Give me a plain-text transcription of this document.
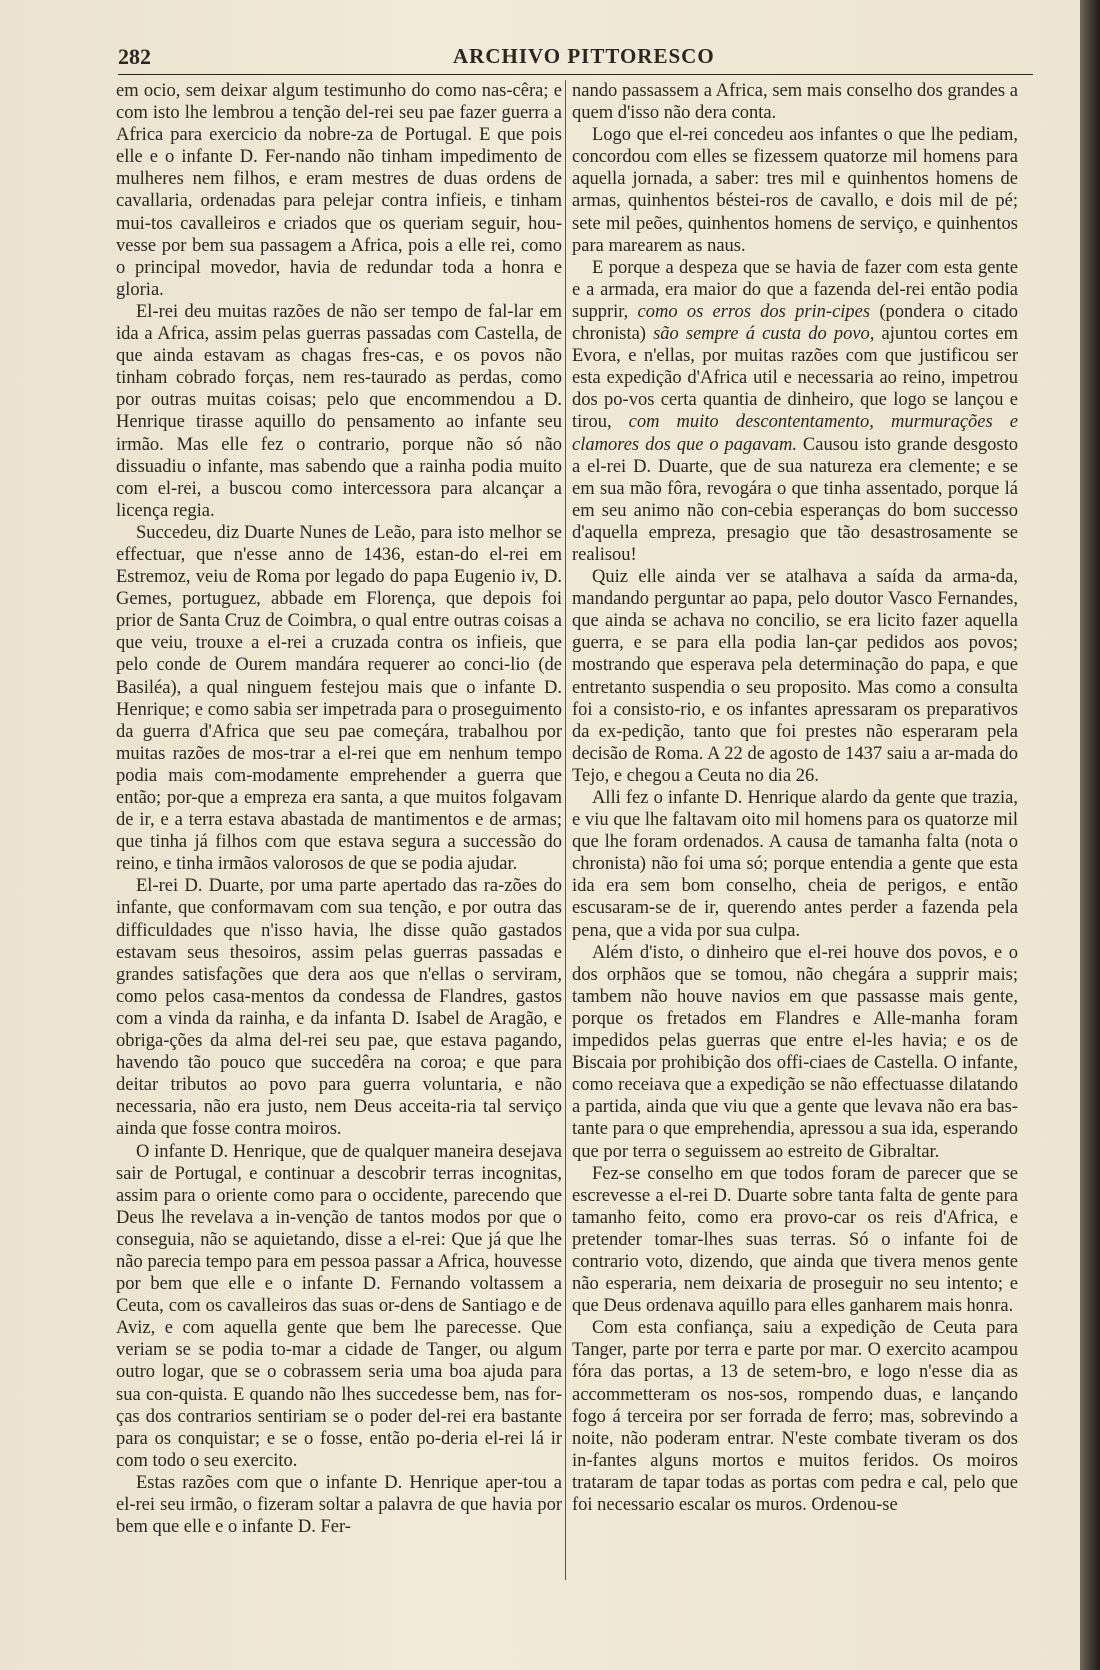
282	ARCHIVO PITTORESCO

em ocio, sem deixar algum testimunho do como nas-cêra; e com isto lhe lembrou a tenção del-rei seu pae fazer guerra a Africa para exercicio da nobre-za de Portugal. E que pois elle e o infante D. Fer-nando não tinham impedimento de mulheres nem filhos, e eram mestres de duas ordens de cavallaria, ordenadas para pelejar contra infieis, e tinham mui-tos cavalleiros e criados que os queriam seguir, hou-vesse por bem sua passagem a Africa, pois a elle rei, como o principal movedor, havia de redundar toda a honra e gloria.

El-rei deu muitas razões de não ser tempo de fal-lar em ida a Africa, assim pelas guerras passadas com Castella, de que ainda estavam as chagas fres-cas, e os povos não tinham cobrado forças, nem res-taurado as perdas, como por outras muitas coisas; pelo que encommendou a D. Henrique tirasse aquillo do pensamento ao infante seu irmão. Mas elle fez o contrario, porque não só não dissuadiu o infante, mas sabendo que a rainha podia muito com el-rei, a buscou como intercessora para alcançar a licença regia.

Succedeu, diz Duarte Nunes de Leão, para isto melhor se effectuar, que n'esse anno de 1436, estan-do el-rei em Estremoz, veiu de Roma por legado do papa Eugenio iv, D. Gemes, portuguez, abbade em Florença, que depois foi prior de Santa Cruz de Coimbra, o qual entre outras coisas a que veiu, trouxe a el-rei a cruzada contra os infieis, que pelo conde de Ourem mandára requerer ao conci-lio (de Basiléa), a qual ninguem festejou mais que o infante D. Henrique; e como sabia ser impetrada para o proseguimento da guerra d'Africa que seu pae começára, trabalhou por muitas razões de mos-trar a el-rei que em nenhum tempo podia mais com-modamente emprehender a guerra que então; por-que a empreza era santa, a que muitos folgavam de ir, e a terra estava abastada de mantimentos e de armas; que tinha já filhos com que estava segura a successão do reino, e tinha irmãos valorosos de que se podia ajudar.

El-rei D. Duarte, por uma parte apertado das ra-zões do infante, que conformavam com sua tenção, e por outra das difficuldades que n'isso havia, lhe disse quão gastados estavam seus thesoiros, assim pelas guerras passadas e grandes satisfações que dera aos que n'ellas o serviram, como pelos casa-mentos da condessa de Flandres, gastos com a vinda da rainha, e da infanta D. Isabel de Aragão, e obriga-ções da alma del-rei seu pae, que estava pagando, havendo tão pouco que succedêra na coroa; e que para deitar tributos ao povo para guerra voluntaria, e não necessaria, não era justo, nem Deus acceita-ria tal serviço ainda que fosse contra moiros.

O infante D. Henrique, que de qualquer maneira desejava sair de Portugal, e continuar a descobrir terras incognitas, assim para o oriente como para o occidente, parecendo que Deus lhe revelava a in-venção de tantos modos por que o conseguia, não se aquietando, disse a el-rei: Que já que lhe não parecia tempo para em pessoa passar a Africa, houvesse por bem que elle e o infante D. Fernando voltassem a Ceuta, com os cavalleiros das suas or-dens de Santiago e de Aviz, e com aquella gente que bem lhe parecesse. Que veriam se se podia to-mar a cidade de Tanger, ou algum outro logar, que se o cobrassem seria uma boa ajuda para sua con-quista. E quando não lhes succedesse bem, nas for-ças dos contrarios sentiriam se o poder del-rei era bastante para os conquistar; e se o fosse, então po-deria el-rei lá ir com todo o seu exercito.

Estas razões com que o infante D. Henrique aper-tou a el-rei seu irmão, o fizeram soltar a palavra de que havia por bem que elle e o infante D. Fer-

nando passassem a Africa, sem mais conselho dos grandes a quem d'isso não dera conta.

Logo que el-rei concedeu aos infantes o que lhe pediam, concordou com elles se fizessem quatorze mil homens para aquella jornada, a saber: tres mil e quinhentos homens de armas, quinhentos béstei-ros de cavallo, e dois mil de pé; sete mil peões, quinhentos homens de serviço, e quinhentos para marearem as naus.

E porque a despeza que se havia de fazer com esta gente e a armada, era maior do que a fazenda del-rei então podia supprir, como os erros dos prin-cipes (pondera o citado chronista) são sempre á custa do povo, ajuntou cortes em Evora, e n'ellas, por muitas razões com que justificou ser esta expedição d'Africa util e necessaria ao reino, impetrou dos po-vos certa quantia de dinheiro, que logo se lançou e tirou, com muito descontentamento, murmurações e clamores dos que o pagavam. Causou isto grande desgosto a el-rei D. Duarte, que de sua natureza era clemente; e se em sua mão fôra, revogára o que tinha assentado, porque lá em seu animo não con-cebia esperanças do bom successo d'aquella empreza, presagio que tão desastrosamente se realisou!

Quiz elle ainda ver se atalhava a saída da arma-da, mandando perguntar ao papa, pelo doutor Vasco Fernandes, que ainda se achava no concilio, se era licito fazer aquella guerra, e se para ella podia lan-çar pedidos aos povos; mostrando que esperava pela determinação do papa, e que entretanto suspendia o seu proposito. Mas como a consulta foi a consisto-rio, e os infantes apressaram os preparativos da ex-pedição, tanto que foi prestes não esperaram pela decisão de Roma. A 22 de agosto de 1437 saiu a ar-mada do Tejo, e chegou a Ceuta no dia 26.

Alli fez o infante D. Henrique alardo da gente que trazia, e viu que lhe faltavam oito mil homens para os quatorze mil que lhe foram ordenados. A causa de tamanha falta (nota o chronista) não foi uma só; porque entendia a gente que esta ida era sem bom conselho, cheia de perigos, e então escusaram-se de ir, querendo antes perder a fazenda pela pena, que a vida por sua culpa.

Além d'isto, o dinheiro que el-rei houve dos povos, e o dos orphãos que se tomou, não chegára a supprir mais; tambem não houve navios em que passasse mais gente, porque os fretados em Flandres e Alle-manha foram impedidos pelas guerras que entre el-les havia; e os de Biscaia por prohibição dos offi-ciaes de Castella. O infante, como receiava que a expedição se não effectuasse dilatando a partida, ainda que viu que a gente que levava não era bas-tante para o que emprehendia, apressou a sua ida, esperando que por terra o seguissem ao estreito de Gibraltar.

Fez-se conselho em que todos foram de parecer que se escrevesse a el-rei D. Duarte sobre tanta falta de gente para tamanho feito, como era provo-car os reis d'Africa, e pretender tomar-lhes suas terras. Só o infante foi de contrario voto, dizendo, que ainda que tivera menos gente não esperaria, nem deixaria de proseguir no seu intento; e que Deus ordenava aquillo para elles ganharem mais honra.

Com esta confiança, saiu a expedição de Ceuta para Tanger, parte por terra e parte por mar. O exercito acampou fóra das portas, a 13 de setem-bro, e logo n'esse dia as accommetteram os nos-sos, rompendo duas, e lançando fogo á terceira por ser forrada de ferro; mas, sobrevindo a noite, não poderam entrar. N'este combate tiveram os dos in-fantes alguns mortos e muitos feridos. Os moiros trataram de tapar todas as portas com pedra e cal, pelo que foi necessario escalar os muros. Ordenou-se
